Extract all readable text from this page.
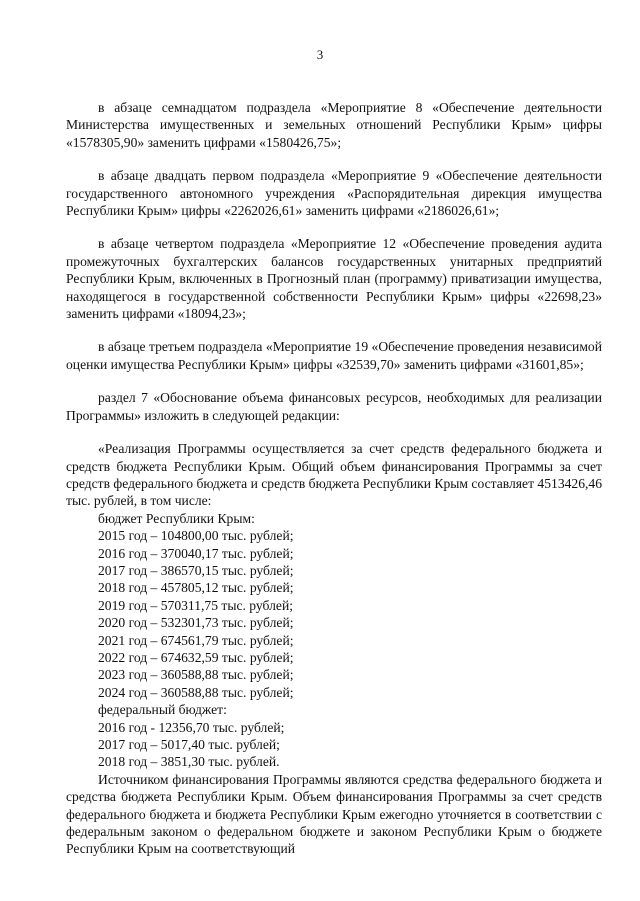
3

в абзаце семнадцатом подраздела «Мероприятие 8 «Обеспечение деятельности Министерства имущественных и земельных отношений Республики Крым» цифры «1578305,90» заменить цифрами «1580426,75»;

в абзаце двадцать первом подраздела «Мероприятие 9 «Обеспечение деятельности государственного автономного учреждения «Распорядительная дирекция имущества Республики Крым» цифры «2262026,61» заменить цифрами «2186026,61»;

в абзаце четвертом подраздела «Мероприятие 12 «Обеспечение проведения аудита промежуточных бухгалтерских балансов государственных унитарных предприятий Республики Крым, включенных в Прогнозный план (программу) приватизации имущества, находящегося в государственной собственности Республики Крым» цифры «22698,23» заменить цифрами «18094,23»;

в абзаце третьем подраздела «Мероприятие 19 «Обеспечение проведения независимой оценки имущества Республики Крым» цифры «32539,70» заменить цифрами «31601,85»;

раздел 7 «Обоснование объема финансовых ресурсов, необходимых для реализации Программы» изложить в следующей редакции:

«Реализация Программы осуществляется за счет средств федерального бюджета и средств бюджета Республики Крым. Общий объем финансирования Программы за счет средств федерального бюджета и средств бюджета Республики Крым составляет 4513426,46 тыс. рублей, в том числе:

бюджет Республики Крым:

2015 год – 104800,00 тыс. рублей;

2016 год – 370040,17 тыс. рублей;

2017 год – 386570,15 тыс. рублей;

2018 год – 457805,12 тыс. рублей;

2019 год – 570311,75 тыс. рублей;

2020 год – 532301,73 тыс. рублей;

2021 год – 674561,79 тыс. рублей;

2022 год – 674632,59 тыс. рублей;

2023 год – 360588,88 тыс. рублей;

2024 год – 360588,88 тыс. рублей;

федеральный бюджет:

2016 год - 12356,70 тыс. рублей;

2017 год – 5017,40 тыс. рублей;

2018 год – 3851,30 тыс. рублей.

Источником финансирования Программы являются средства федерального бюджета и средства бюджета Республики Крым. Объем финансирования Программы за счет средств федерального бюджета и бюджета Республики Крым ежегодно уточняется в соответствии с федеральным законом о федеральном бюджете и законом Республики Крым о бюджете Республики Крым на соответствующий
